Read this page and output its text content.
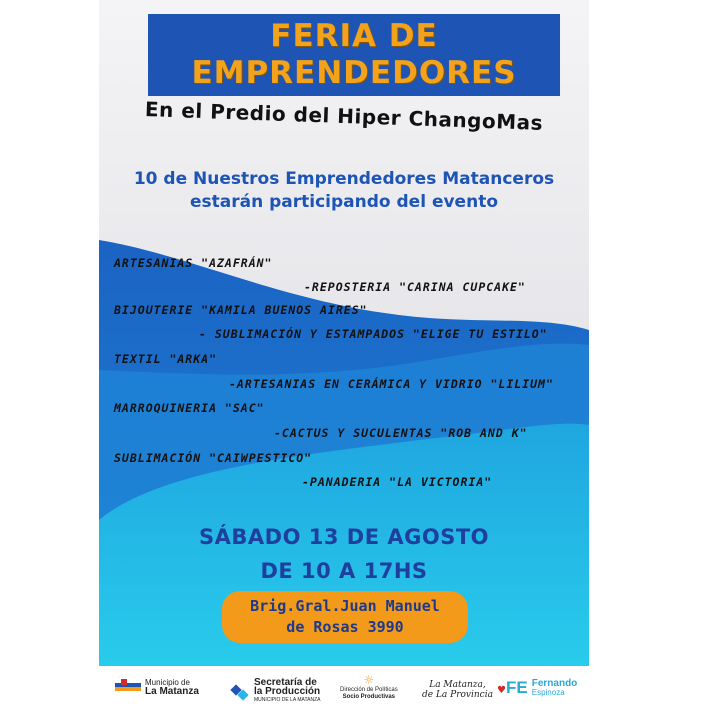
FERIA DE
EMPRENDEDORES
En el Predio del Hiper ChangoMas
10 de Nuestros Emprendedores Matanceros
estarán participando del evento
ARTESANIAS "AZAFRÁN"
-REPOSTERIA "CARINA CUPCAKE"
BIJOUTERIE "KAMILA BUENOS AIRES"
- SUBLIMACIÓN Y ESTAMPADOS "ELIGE TU ESTILO"
TEXTIL "ARKA"
-ARTESANIAS EN CERÁMICA Y VIDRIO "LILIUM"
MARROQUINERIA "SAC"
-CACTUS Y SUCULENTAS "ROB AND K"
SUBLIMACIÓN "CAIWPESTICO"
-PANADERIA "LA VICTORIA"
SÁBADO 13 DE AGOSTO
DE 10 A 17HS
Brig.Gral.Juan Manuel
de Rosas 3990
Municipio de
La Matanza
Secretaría de
la Producción
MUNICIPIO DE LA MATANZA
☼
Dirección de Políticas
Socio Productivas
La Matanza,
de La Provincia ♥ FE Fernando
Espinoza
